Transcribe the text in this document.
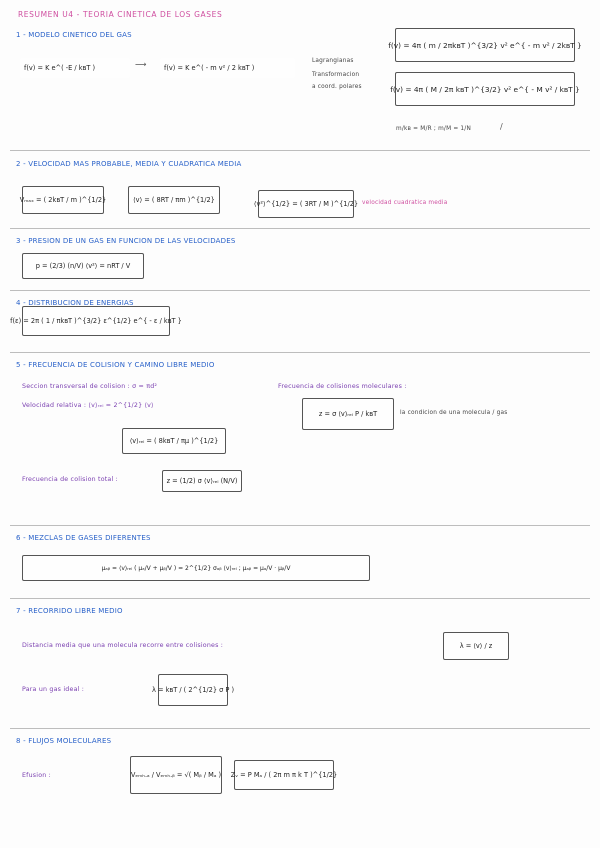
RESUMEN U4 - TEORIA CINETICA DE LOS GASES
1 - MODELO CINETICO DEL GAS
f(v) = K e^( -E / kʙT )	⟶	f(v) = K e^( - m v² / 2 kʙT )
Lagrangianas
Transformacion
a coord. polares
f(v) = 4π ( m / 2πkʙT )^{3/2} v² e^{ - m v² / 2kʙT }
f(v) = 4π ( M / 2π kʙT )^{3/2} v² e^{ - M v² / kʙT }
m/kʙ = M/R ; m/M = 1/N	∕
2 - VELOCIDAD MAS PROBABLE, MEDIA Y CUADRATICA MEDIA
Vₘₐₓ = ( 2kʙT / m )^{1/2}	⟨v⟩ = ( 8RT / πm )^{1/2}	⟨v²⟩^{1/2} = ( 3RT / M )^{1/2} velocidad cuadratica media
3 - PRESION DE UN GAS EN FUNCION DE LAS VELOCIDADES
p = (2/3) (n/V) ⟨v²⟩ = nRT / V
4 - DISTRIBUCION DE ENERGIAS
f(ε) = 2π ( 1 / πkʙT )^{3/2} ε^{1/2} e^{ - ε / kʙT }
5 - FRECUENCIA DE COLISION Y CAMINO LIBRE MEDIO
Seccion transversal de colision : σ = πd²
Velocidad relativa : ⟨v⟩ᵣₑₗ = 2^{1/2} ⟨v⟩
⟨v⟩ᵣₑₗ = ( 8kʙT / πμ )^{1/2}
Frecuencia de colision total :	z = (1/2) σ ⟨v⟩ᵣₑₗ (N/V)
Frecuencia de colisiones moleculares :
z = σ ⟨v⟩ᵣₑₗ P / kʙT	la condicion de una molecula / gas
6 - MEZCLAS DE GASES DIFERENTES
μₐᵦ = ⟨v⟩ᵣₑₗ ( μₐ/V + μᵦ/V ) = 2^{1/2} σₐᵦ ⟨v⟩ᵣₑₗ ; μₐᵦ = μₐ/V · μᵦ/V
7 - RECORRIDO LIBRE MEDIO
Distancia media que una molecula recorre entre colisiones :	λ = ⟨v⟩ / z
Para un gas ideal :	λ = kʙT / ( 2^{1/2} σ P )
8 - FLUJOS MOLECULARES
Efusion :	Vₑₘₕ.ₐ / Vₑₘₕ.ᵦ = √( Mᵦ / Mₐ ) Zᵥ = P Mₐ / ( 2π m π k T )^{1/2}
